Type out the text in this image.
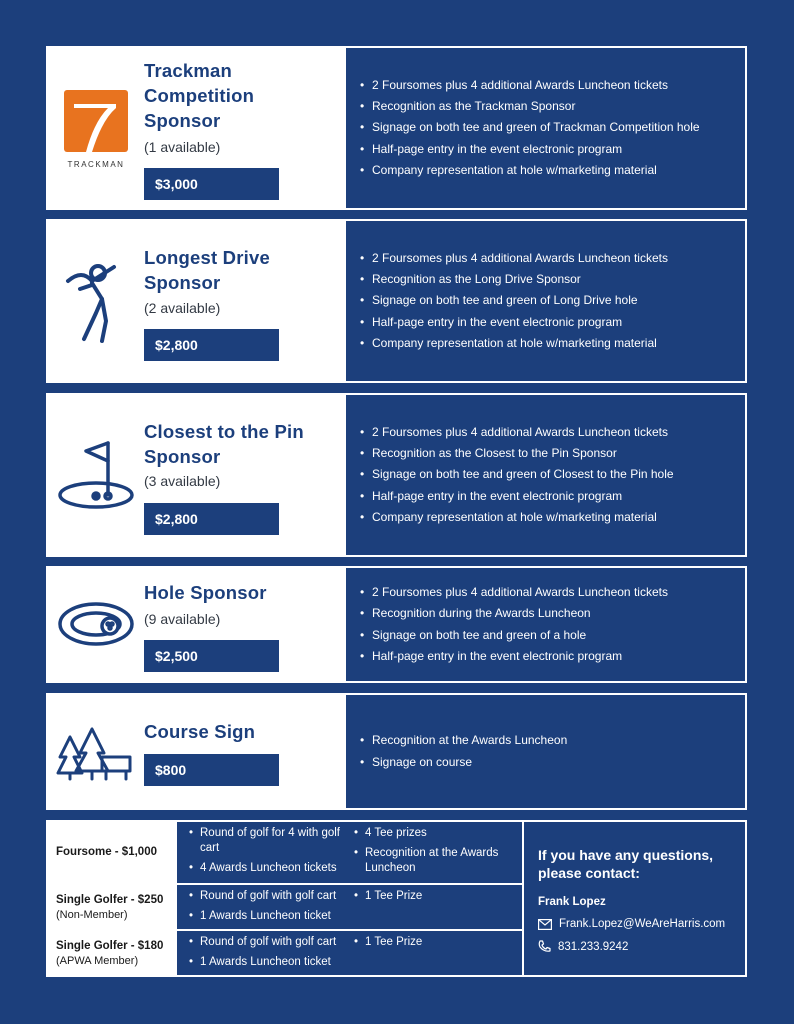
TRACKMAN
Trackman
Competition
Sponsor
(1 available)
$3,000
• 2 Foursomes plus 4 additional Awards Luncheon tickets
• Recognition as the Trackman Sponsor
• Signage on both tee and green of Trackman Competition hole
• Half-page entry in the event electronic program
• Company representation at hole w/marketing material
Longest Drive
Sponsor
(2 available)
$2,800
• 2 Foursomes plus 4 additional Awards Luncheon tickets
• Recognition as the Long Drive Sponsor
• Signage on both tee and green of Long Drive hole
• Half-page entry in the event electronic program
• Company representation at hole w/marketing material
Closest to the Pin
Sponsor
(3 available)
$2,800
• 2 Foursomes plus 4 additional Awards Luncheon tickets
• Recognition as the Closest to the Pin Sponsor
• Signage on both tee and green of Closest to the Pin hole
• Half-page entry in the event electronic program
• Company representation at hole w/marketing material
Hole Sponsor
(9 available)
$2,500
• 2 Foursomes plus 4 additional Awards Luncheon tickets
• Recognition during the Awards Luncheon
• Signage on both tee and green of a hole
• Half-page entry in the event electronic program
Course Sign
$800
• Recognition at the Awards Luncheon
• Signage on course
Foursome - $1,000
• Round of golf for 4 with golf cart
• 4 Awards Luncheon tickets
• 4 Tee prizes
• Recognition at the Awards Luncheon
Single Golfer - $250
(Non-Member)
• Round of golf with golf cart
• 1 Awards Luncheon ticket
• 1 Tee Prize
Single Golfer - $180
(APWA Member)
• Round of golf with golf cart
• 1 Awards Luncheon ticket
• 1 Tee Prize
If you have any questions, please contact:
Frank Lopez
Frank.Lopez@WeAreHarris.com
831.233.9242
